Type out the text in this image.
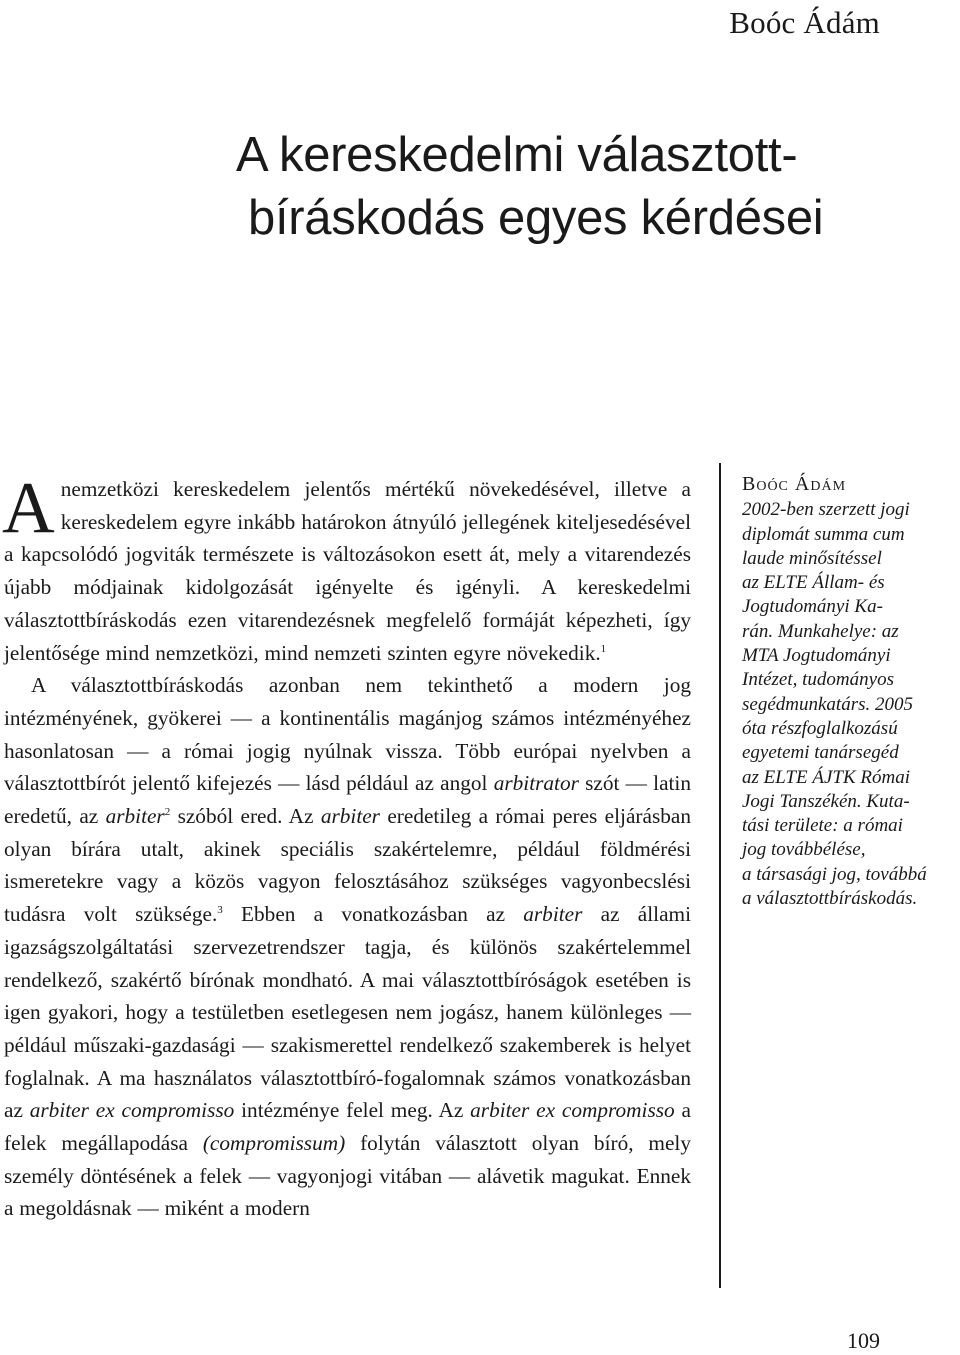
Boóc Ádám
A kereskedelmi választott-
bíráskodás egyes kérdései

Anemzetközi kereskedelem jelentős mértékű növekedésével, illetve a kereskedelem egyre inkább határokon átnyúló jellegének kiteljesedésével a kapcsolódó jogviták természete is változásokon esett át, mely a vitarendezés újabb módjainak kidolgozását igényelte és igényli. A kereskedelmi választottbíráskodás ezen vitarendezésnek megfelelő formáját képezheti, így jelentősége mind nemzetközi, mind nemzeti szinten egyre növekedik.$^1$

A választottbíráskodás azonban nem tekinthető a modern jog intézményének, gyökerei — a kontinentális magánjog számos intézményéhez hasonlatosan — a római jogig nyúlnak vissza. Több európai nyelvben a választottbírót jelentő kifejezés — lásd például az angol arbitrator szót — latin eredetű, az arbiter$^2$ szóból ered. Az arbiter eredetileg a római peres eljárásban olyan bírára utalt, akinek speciális szakértelemre, például földmérési ismeretekre vagy a közös vagyon felosztásához szükséges vagyonbecslési tudásra volt szüksége.$^3$ Ebben a vonatkozásban az arbiter az állami igazságszolgáltatási szervezetrendszer tagja, és különös szakértelemmel rendelkező, szakértő bírónak mondható. A mai választottbíróságok esetében is igen gyakori, hogy a testületben esetlegesen nem jogász, hanem különleges — például műszaki-gazdasági — szakismerettel rendelkező szakemberek is helyet foglalnak. A ma használatos választottbíró-fogalomnak számos vonatkozásban az arbiter ex compromisso intézménye felel meg. Az arbiter ex compromisso a felek megállapodása (compromissum) folytán választott olyan bíró, mely személy döntésének a felek — vagyonjogi vitában — alávetik magukat. Ennek a megoldásnak — miként a modern

Boóc Ádám
2002-ben szerzett jogi
diplomát summa cum
laude minősítéssel
az ELTE Állam- és
Jogtudományi Ka-
rán. Munkahelye: az
MTA Jogtudományi
Intézet, tudományos
segédmunkatárs. 2005
óta részfoglalkozású
egyetemi tanársegéd
az ELTE ÁJTK Római
Jogi Tanszékén. Kuta-
tási területe: a római
jog továbbélése,
a társasági jog, továbbá
a választottbíráskodás.
109
